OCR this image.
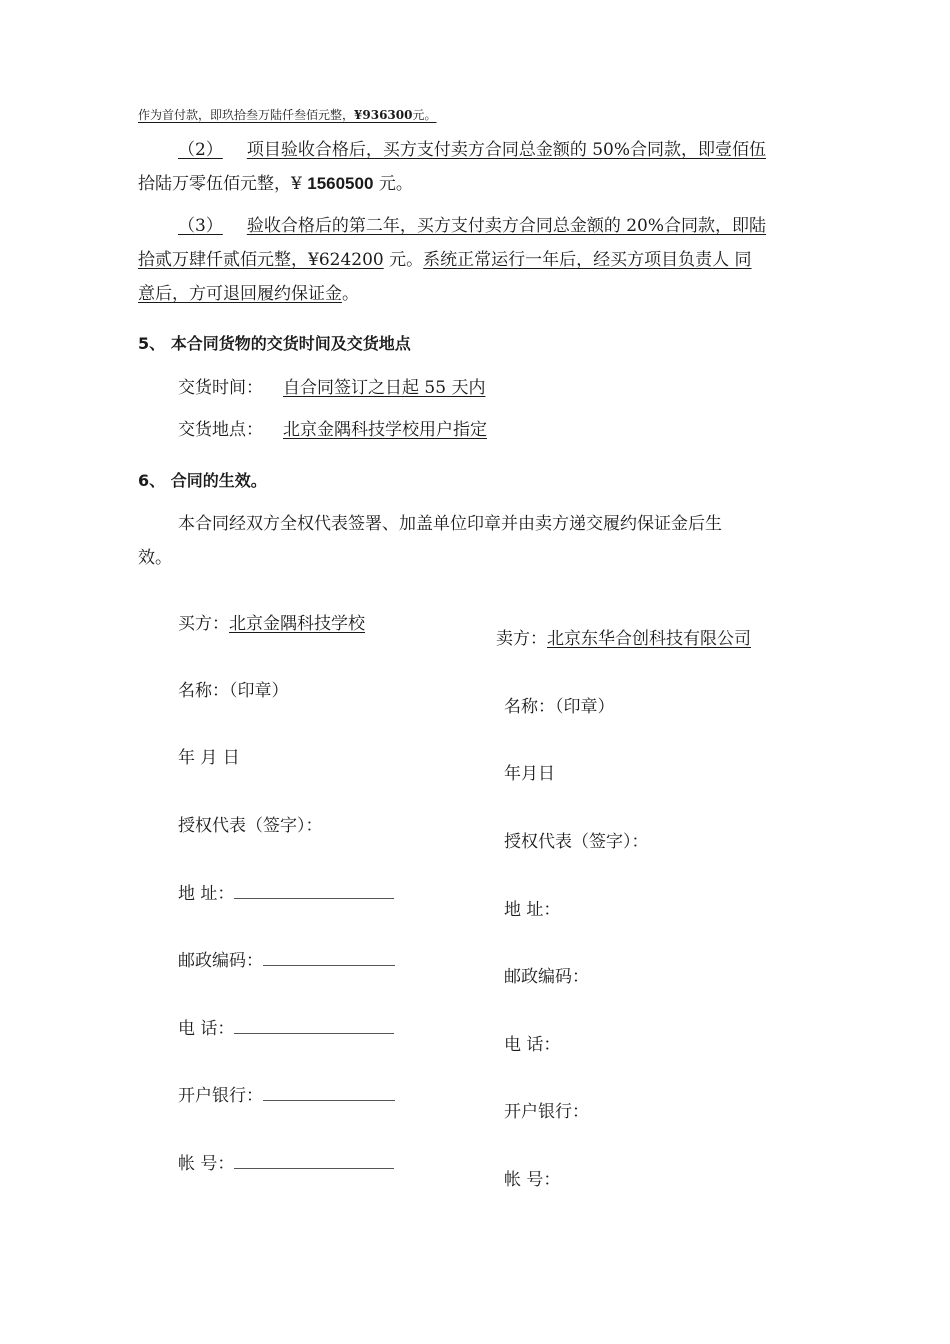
作为首付款，即玖拾叁万陆仟叁佰元整，¥936300元。
（2） 项目验收合格后，买方支付卖方合同总金额的 50%合同款，即壹佰伍
拾陆万零伍佰元整，¥ 1560500 元。
（3） 验收合格后的第二年，买方支付卖方合同总金额的 20%合同款，即陆
拾贰万肆仟贰佰元整，¥624200 元。系统正常运行一年后，经买方项目负责人 同
意后，方可退回履约保证金。
5、 本合同货物的交货时间及交货地点
交货时间： 自合同签订之日起 55 天内
交货地点： 北京金隅科技学校用户指定
6、 合同的生效。
本合同经双方全权代表签署、加盖单位印章并由卖方递交履约保证金后生
效。
买方：北京金隅科技学校
名称：（印章）
年 月 日
授权代表（签字）：
地 址：
邮政编码：
电 话：
开户银行：
帐 号：
卖方：北京东华合创科技有限公司
名称：（印章）
年月日
授权代表（签字）：
地 址：
邮政编码：
电 话：
开户银行：
帐 号：
